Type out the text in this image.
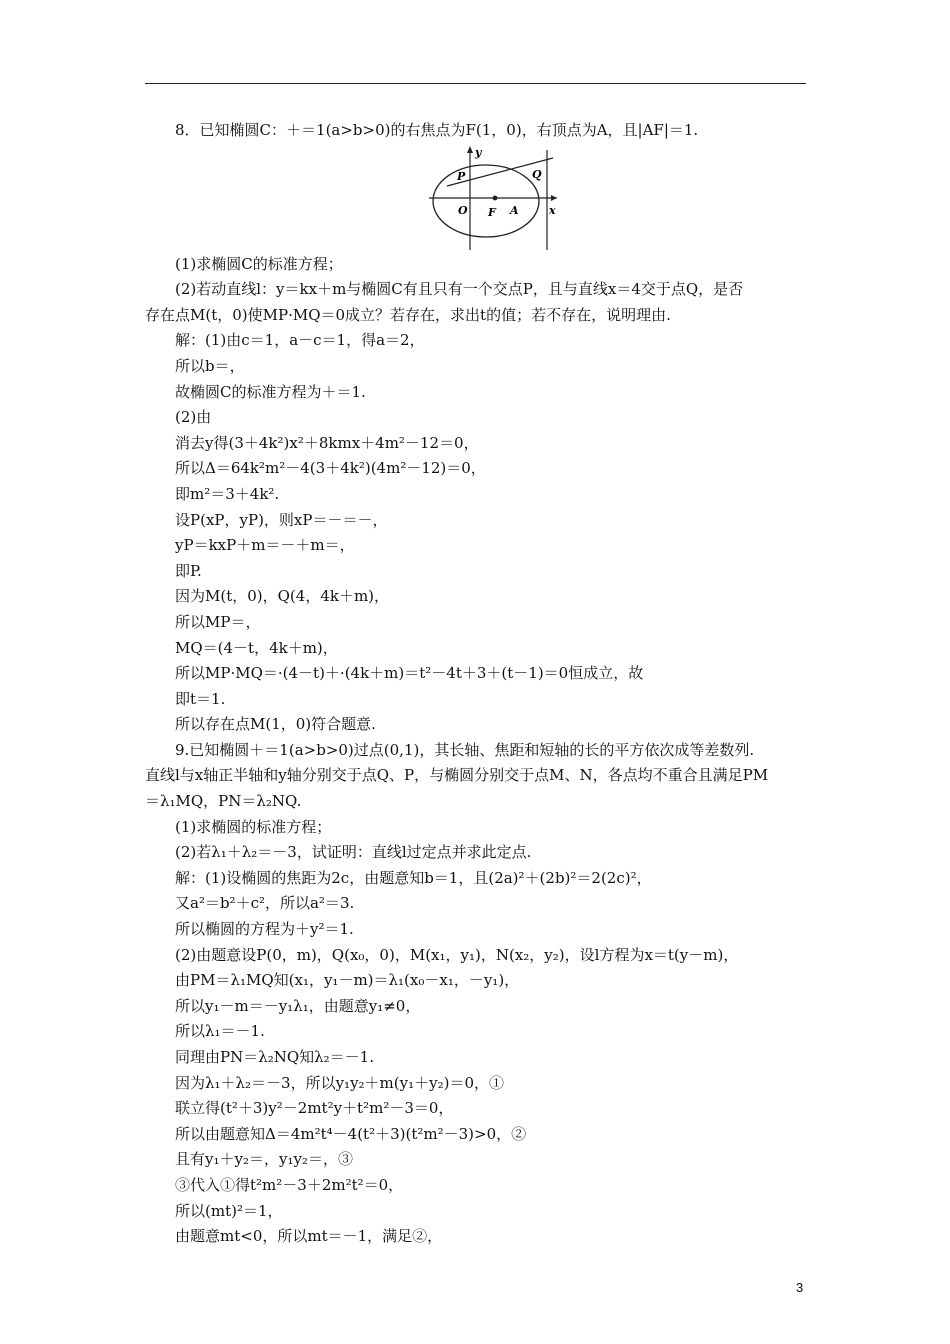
8．已知椭圆C：＋＝1(a>b>0)的右焦点为F(1，0)，右顶点为A，且|AF|＝1.
y
x
P	Q
O F A
(1)求椭圆C的标准方程；
(2)若动直线l：y＝kx＋m与椭圆C有且只有一个交点P，且与直线x＝4交于点Q，是否
存在点M(t，0)使MP·MQ＝0成立？若存在，求出t的值；若不存在，说明理由.
解：(1)由c＝1，a－c＝1，得a＝2，
所以b＝，
故椭圆C的标准方程为＋＝1.
(2)由
消去y得(3＋4k²)x²＋8kmx＋4m²－12＝0，
所以Δ＝64k²m²－4(3＋4k²)(4m²－12)＝0，
即m²＝3＋4k².
设P(xP，yP)，则xP＝－＝－，
yP＝kxP＋m＝－＋m＝，
即P.
因为M(t，0)，Q(4，4k＋m)，
所以MP＝，
MQ＝(4－t，4k＋m)，
所以MP·MQ＝·(4－t)＋·(4k＋m)＝t²－4t＋3＋(t－1)＝0恒成立，故
即t＝1.
所以存在点M(1，0)符合题意.
9.已知椭圆＋＝1(a>b>0)过点(0,1)，其长轴、焦距和短轴的长的平方依次成等差数列.
直线l与x轴正半轴和y轴分别交于点Q、P，与椭圆分别交于点M、N，各点均不重合且满足PM
＝λ₁MQ，PN＝λ₂NQ.
(1)求椭圆的标准方程；
(2)若λ₁＋λ₂＝－3，试证明：直线l过定点并求此定点.
解：(1)设椭圆的焦距为2c，由题意知b＝1，且(2a)²＋(2b)²＝2(2c)²，
又a²＝b²＋c²，所以a²＝3.
所以椭圆的方程为＋y²＝1.
(2)由题意设P(0，m)，Q(x₀，0)，M(x₁，y₁)，N(x₂，y₂)，设l方程为x＝t(y－m)，
由PM＝λ₁MQ知(x₁，y₁－m)＝λ₁(x₀－x₁，－y₁)，
所以y₁－m＝－y₁λ₁，由题意y₁≠0，
所以λ₁＝－1.
同理由PN＝λ₂NQ知λ₂＝－1.
因为λ₁＋λ₂＝－3，所以y₁y₂＋m(y₁＋y₂)＝0，①
联立得(t²＋3)y²－2mt²y＋t²m²－3＝0，
所以由题意知Δ＝4m²t⁴－4(t²＋3)(t²m²－3)>0，②
且有y₁＋y₂＝，y₁y₂＝，③
③代入①得t²m²－3＋2m²t²＝0，
所以(mt)²＝1，
由题意mt<0，所以mt＝－1，满足②，
3
